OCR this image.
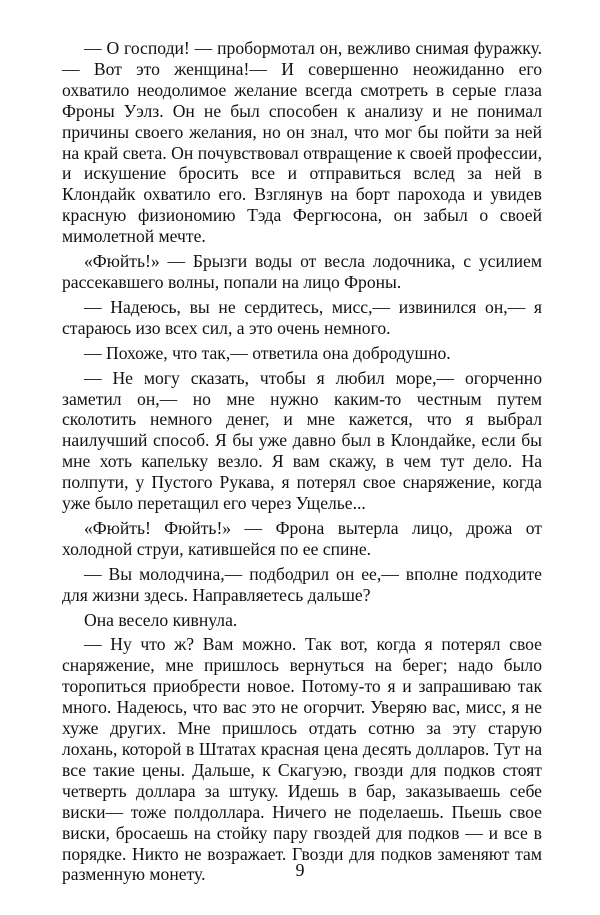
— О господи! — пробормотал он, вежливо снимая фуражку.— Вот это женщина!— И совершенно неожиданно его охватило неодолимое желание всегда смотреть в серые глаза Фроны Уэлз. Он не был способен к анализу и не понимал причины своего желания, но он знал, что мог бы пойти за ней на край света. Он почувствовал отвращение к своей профессии, и искушение бросить все и отправиться вслед за ней в Клондайк охватило его. Взглянув на борт парохода и увидев красную физиономию Тэда Фергюсона, он забыл о своей мимолетной мечте.

«Фюйть!» — Брызги воды от весла лодочника, с усилием рассекавшего волны, попали на лицо Фроны.

— Надеюсь, вы не сердитесь, мисс,— извинился он,— я стараюсь изо всех сил, а это очень немного.

— Похоже, что так,— ответила она добродушно.

— Не могу сказать, чтобы я любил море,— огорченно заметил он,— но мне нужно каким-то честным путем сколотить немного денег, и мне кажется, что я выбрал наилучший способ. Я бы уже давно был в Клондайке, если бы мне хоть капельку везло. Я вам скажу, в чем тут дело. На полпути, у Пустого Рукава, я потерял свое снаряжение, когда уже было перетащил его через Ущелье...

«Фюйть! Фюйть!» — Фрона вытерла лицо, дрожа от холодной струи, катившейся по ее спине.

— Вы молодчина,— подбодрил он ее,— вполне подходите для жизни здесь. Направляетесь дальше?

Она весело кивнула.

— Ну что ж? Вам можно. Так вот, когда я потерял свое снаряжение, мне пришлось вернуться на берег; надо было торопиться приобрести новое. Потому-то я и запрашиваю так много. Надеюсь, что вас это не огорчит. Уверяю вас, мисс, я не хуже других. Мне пришлось отдать сотню за эту старую лохань, которой в Штатах красная цена десять долларов. Тут на все такие цены. Дальше, к Скагуэю, гвозди для подков стоят четверть доллара за штуку. Идешь в бар, заказываешь себе виски— тоже полдоллара. Ничего не поделаешь. Пьешь свое виски, бросаешь на стойку пару гвоздей для подков — и все в порядке. Никто не возражает. Гвозди для подков заменяют там разменную монету.	9
